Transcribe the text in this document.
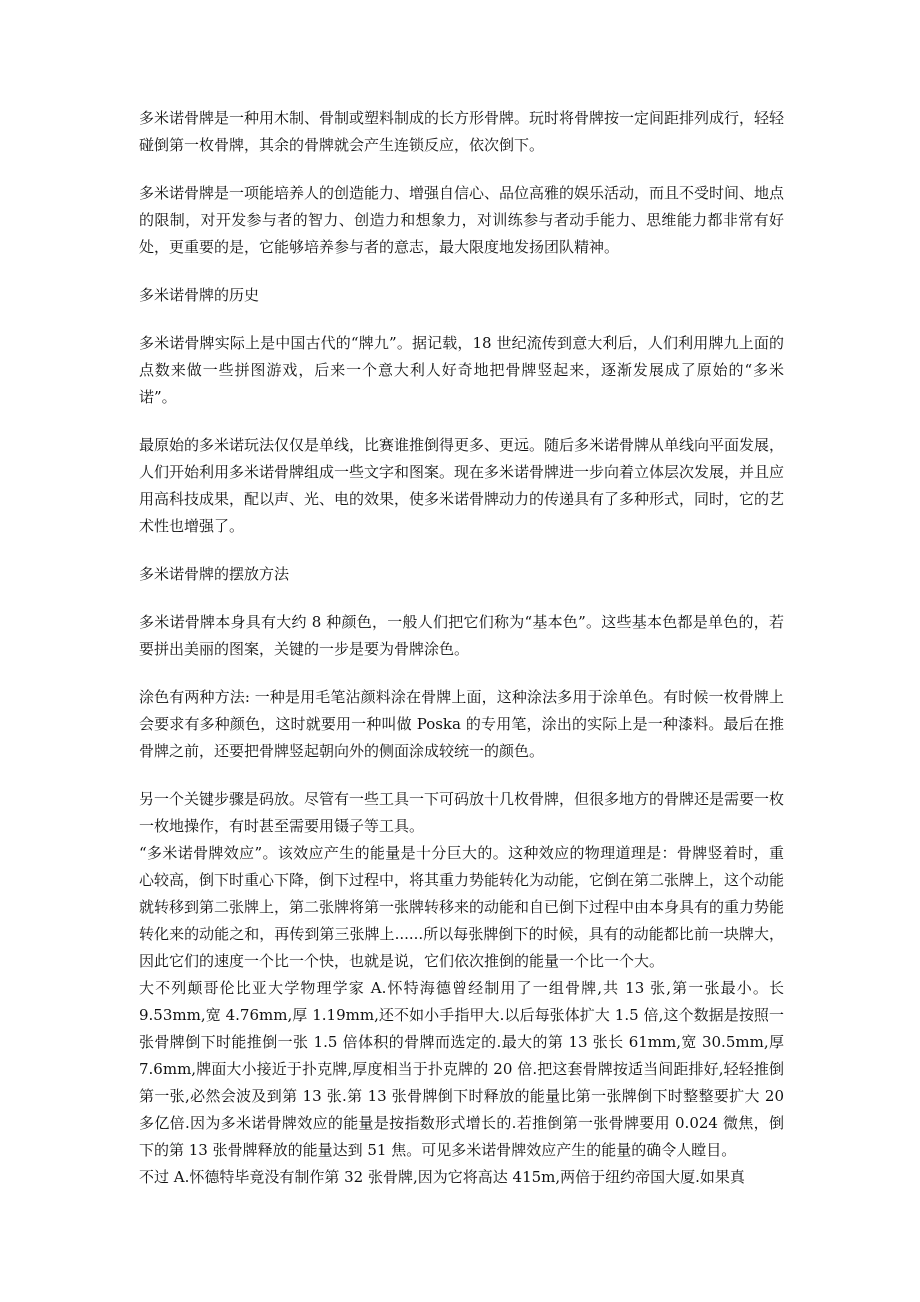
多米诺骨牌是一种用木制、骨制或塑料制成的长方形骨牌。玩时将骨牌按一定间距排列成行，轻轻碰倒第一枚骨牌，其余的骨牌就会产生连锁反应，依次倒下。

多米诺骨牌是一项能培养人的创造能力、增强自信心、品位高雅的娱乐活动，而且不受时间、地点的限制，对开发参与者的智力、创造力和想象力，对训练参与者动手能力、思维能力都非常有好处，更重要的是，它能够培养参与者的意志，最大限度地发扬团队精神。

多米诺骨牌的历史

多米诺骨牌实际上是中国古代的“牌九”。据记载，18 世纪流传到意大利后，人们利用牌九上面的点数来做一些拼图游戏，后来一个意大利人好奇地把骨牌竖起来，逐渐发展成了原始的“多米诺”。

最原始的多米诺玩法仅仅是单线，比赛谁推倒得更多、更远。随后多米诺骨牌从单线向平面发展，人们开始利用多米诺骨牌组成一些文字和图案。现在多米诺骨牌进一步向着立体层次发展，并且应用高科技成果，配以声、光、电的效果，使多米诺骨牌动力的传递具有了多种形式，同时，它的艺术性也增强了。

多米诺骨牌的摆放方法

多米诺骨牌本身具有大约 8 种颜色，一般人们把它们称为“基本色”。这些基本色都是单色的，若要拼出美丽的图案，关键的一步是要为骨牌涂色。

涂色有两种方法: 一种是用毛笔沾颜料涂在骨牌上面，这种涂法多用于涂单色。有时候一枚骨牌上会要求有多种颜色，这时就要用一种叫做 Poska 的专用笔，涂出的实际上是一种漆料。最后在推骨牌之前，还要把骨牌竖起朝向外的侧面涂成较统一的颜色。

另一个关键步骤是码放。尽管有一些工具一下可码放十几枚骨牌，但很多地方的骨牌还是需要一枚一枚地操作，有时甚至需要用镊子等工具。

“多米诺骨牌效应”。该效应产生的能量是十分巨大的。这种效应的物理道理是：骨牌竖着时，重心较高，倒下时重心下降，倒下过程中，将其重力势能转化为动能，它倒在第二张牌上，这个动能就转移到第二张牌上，第二张牌将第一张牌转移来的动能和自已倒下过程中由本身具有的重力势能转化来的动能之和，再传到第三张牌上......所以每张牌倒下的时候，具有的动能都比前一块牌大，因此它们的速度一个比一个快，也就是说，它们依次推倒的能量一个比一个大。

大不列颠哥伦比亚大学物理学家 A.怀特海德曾经制用了一组骨牌,共 13 张,第一张最小。长 9.53mm,宽 4.76mm,厚 1.19mm,还不如小手指甲大.以后每张体扩大 1.5 倍,这个数据是按照一张骨牌倒下时能推倒一张 1.5 倍体积的骨牌而选定的.最大的第 13 张长 61mm,宽 30.5mm,厚 7.6mm,牌面大小接近于扑克牌,厚度相当于扑克牌的 20 倍.把这套骨牌按适当间距排好,轻轻推倒第一张,必然会波及到第 13 张.第 13 张骨牌倒下时释放的能量比第一张牌倒下时整整要扩大 20 多亿倍.因为多米诺骨牌效应的能量是按指数形式增长的.若推倒第一张骨牌要用 0.024 微焦，倒下的第 13 张骨牌释放的能量达到 51 焦。可见多米诺骨牌效应产生的能量的确令人瞠目。

不过 A.怀德特毕竟没有制作第 32 张骨牌,因为它将高达 415m,两倍于纽约帝国大厦.如果真
